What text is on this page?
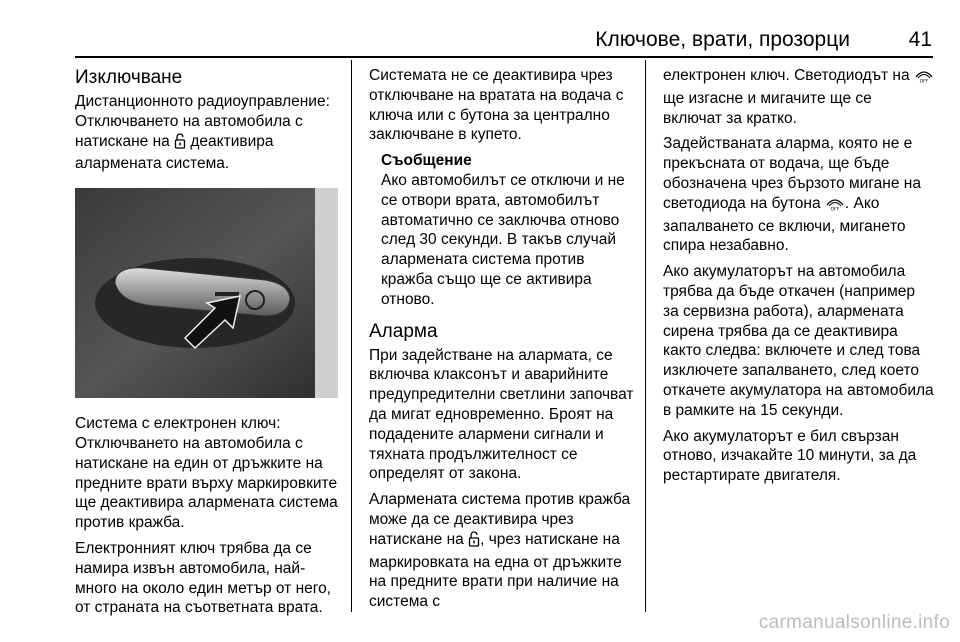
Ключове, врати, прозорци	41
Изключване

Дистанционното радиоуправление: Отключването на автомобила с натискане на деактивира алармената система.

Система с електронен ключ: Отключването на автомобила с натискане на един от дръжките на предните врати върху маркировките ще деактивира алармената система против кражба.

Електронният ключ трябва да се намира извън автомобила, най-много на около един метър от него, от страната на съответната врата.

Системата не се деактивира чрез отключване на вратата на водача с ключа или с бутона за централно заключване в купето.

Съобщение
Ако автомобилът се отключи и не се отвори врата, автомобилът автоматично се заключва отново след 30 секунди. В такъв случай алармената система против кражба също ще се активира отново.
Аларма

При задействане на алармата, се включва клаксонът и аварийните предупредителни светлини започват да мигат едновременно. Броят на подадените алармени сигнали и тяхната продължителност се определят от закона.

Алармената система против кражба може да се деактивира чрез натискане на , чрез натискане на маркировката на една от дръжките на предните врати при наличие на система с

електронен ключ. Светодиодът на OFF
ще изгасне и мигачите ще се включат за кратко.

Задействаната аларма, която не е прекъсната от водача, ще бъде обозначена чрез бързото мигане на светодиода на бутона OFF . Ако запалването се включи, миганeто спира незабавно.

Ако акумулаторът на автомобила трябва да бъде откачен (например за сервизна работа), алармената сирена трябва да се деактивира както следва: включете и след това изключете запалването, след което откачете акумулатора на автомобила в рамките на 15 секунди.

Ако акумулаторът е бил свързан отново, изчакайте 10 минути, за да рестартирате двигателя.

carmanualsonline.info
